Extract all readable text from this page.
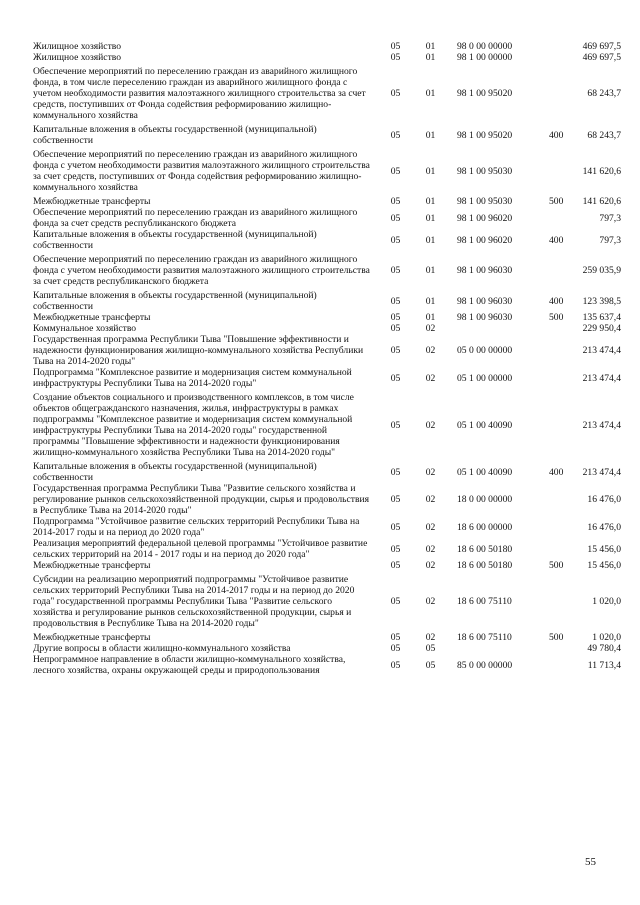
Жилищное хозяйство	05	01	98 0 00 00000		469 697,5
Жилищное хозяйство	05	01	98 1 00 00000		469 697,5
Обеспечение мероприятий по переселению граждан из аварийного жилищного фонда, в том числе переселению граждан из аварийного жилищного фонда с учетом необходимости развития малоэтажного жилищного строительства за счет средств, поступивших от Фонда содействия реформированию жилищно-коммунального хозяйства	05	01	98 1 00 95020		68 243,7
Капитальные вложения в объекты государственной (муниципальной) собственности	05	01	98 1 00 95020	400	68 243,7
Обеспечение мероприятий по переселению граждан из аварийного жилищного фонда с учетом необходимости развития малоэтажного жилищного строительства за счет средств, поступивших от Фонда содействия реформированию жилищно-коммунального хозяйства	05	01	98 1 00 95030		141 620,6
Межбюджетные трансферты	05	01	98 1 00 95030	500	141 620,6
Обеспечение мероприятий по переселению граждан из аварийного жилищного фонда за счет средств республиканского бюджета	05	01	98 1 00 96020		797,3
Капитальные вложения в объекты государственной (муниципальной) собственности	05	01	98 1 00 96020	400	797,3
Обеспечение мероприятий по переселению граждан из аварийного жилищного фонда с учетом необходимости развития малоэтажного жилищного строительства за счет средств республиканского бюджета	05	01	98 1 00 96030		259 035,9
Капитальные вложения в объекты государственной (муниципальной) собственности	05	01	98 1 00 96030	400	123 398,5
Межбюджетные трансферты	05	01	98 1 00 96030	500	135 637,4
Коммунальное хозяйство	05	02			229 950,4
Государственная программа Республики Тыва "Повышение эффективности и надежности функционирования жилищно-коммунального хозяйства Республики Тыва на 2014-2020 годы"	05	02	05 0 00 00000		213 474,4
Подпрограмма "Комплексное развитие и модернизация систем коммунальной инфраструктуры Республики Тыва на 2014-2020 годы"	05	02	05 1 00 00000		213 474,4
Создание объектов социального и производственного комплексов, в том числе объектов общегражданского назначения, жилья, инфраструктуры в рамках подпрограммы "Комплексное развитие и модернизация систем коммунальной инфраструктуры Республики Тыва на 2014-2020 годы" государственной программы "Повышение эффективности и надежности функционирования жилищно-коммунального хозяйства Республики Тыва на 2014-2020 годы"	05	02	05 1 00 40090		213 474,4
Капитальные вложения в объекты государственной (муниципальной) собственности	05	02	05 1 00 40090	400	213 474,4
Государственная программа Республики Тыва "Развитие сельского хозяйства и регулирование рынков сельскохозяйственной продукции, сырья и продовольствия в Республике Тыва на 2014-2020 годы"	05	02	18 0 00 00000		16 476,0
Подпрограмма "Устойчивое развитие сельских территорий Республики Тыва на 2014-2017 годы и на период до 2020 года"	05	02	18 6 00 00000		16 476,0
Реализация мероприятий федеральной целевой программы "Устойчивое развитие сельских территорий на 2014 - 2017 годы и на период до 2020 года"	05	02	18 6 00 50180		15 456,0
Межбюджетные трансферты	05	02	18 6 00 50180	500	15 456,0
Субсидии на реализацию мероприятий подпрограммы "Устойчивое развитие сельских территорий Республики Тыва на 2014-2017 годы и на период до 2020 года" государственной программы Республики Тыва "Развитие сельского хозяйства и регулирование рынков сельскохозяйственной продукции, сырья и продовольствия в Республике Тыва на 2014-2020 годы"	05	02	18 6 00 75110		1 020,0
Межбюджетные трансферты	05	02	18 6 00 75110	500	1 020,0
Другие вопросы в области жилищно-коммунального хозяйства	05	05			49 780,4
Непрограммное направление в области жилищно-коммунального хозяйства, лесного хозяйства, охраны окружающей среды и природопользования	05	05	85 0 00 00000		11 713,4
55
